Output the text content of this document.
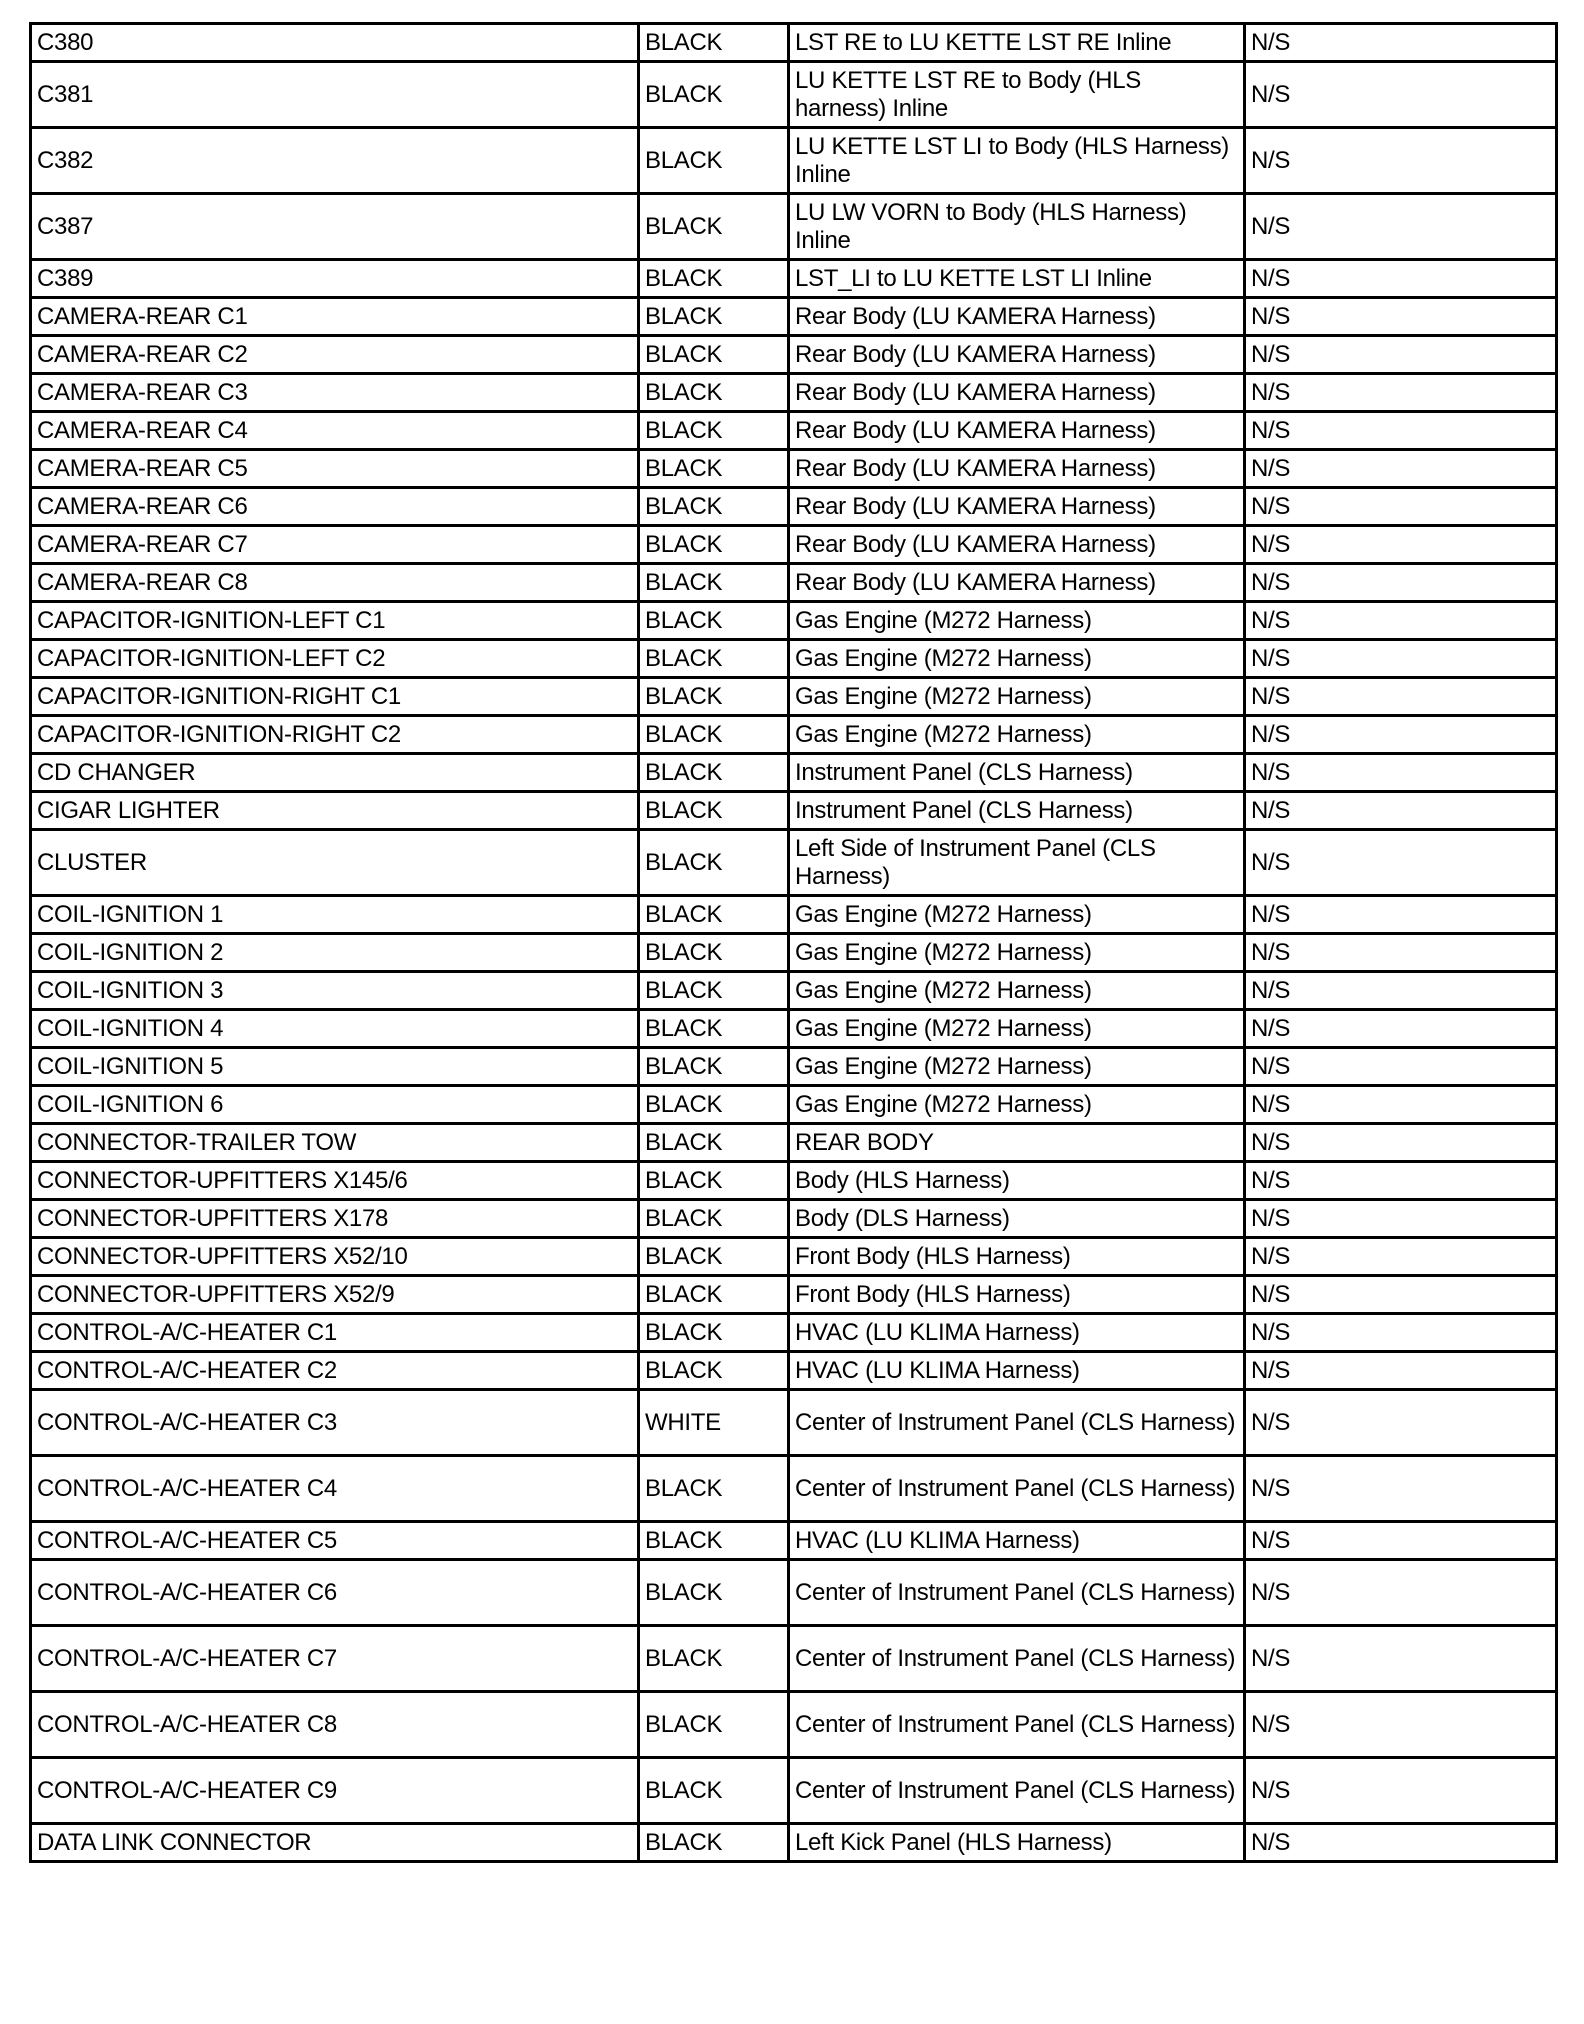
C380	BLACK	LST RE to LU KETTE LST RE Inline	N/S
C381	BLACK	LU KETTE LST RE to Body (HLS harness) Inline	N/S
C382	BLACK	LU KETTE LST LI to Body (HLS Harness) Inline	N/S
C387	BLACK	LU LW VORN to Body (HLS Harness) Inline	N/S
C389	BLACK	LST_LI to LU KETTE LST LI Inline	N/S
CAMERA-REAR C1	BLACK	Rear Body (LU KAMERA Harness)	N/S
CAMERA-REAR C2	BLACK	Rear Body (LU KAMERA Harness)	N/S
CAMERA-REAR C3	BLACK	Rear Body (LU KAMERA Harness)	N/S
CAMERA-REAR C4	BLACK	Rear Body (LU KAMERA Harness)	N/S
CAMERA-REAR C5	BLACK	Rear Body (LU KAMERA Harness)	N/S
CAMERA-REAR C6	BLACK	Rear Body (LU KAMERA Harness)	N/S
CAMERA-REAR C7	BLACK	Rear Body (LU KAMERA Harness)	N/S
CAMERA-REAR C8	BLACK	Rear Body (LU KAMERA Harness)	N/S
CAPACITOR-IGNITION-LEFT C1	BLACK	Gas Engine (M272 Harness)	N/S
CAPACITOR-IGNITION-LEFT C2	BLACK	Gas Engine (M272 Harness)	N/S
CAPACITOR-IGNITION-RIGHT C1	BLACK	Gas Engine (M272 Harness)	N/S
CAPACITOR-IGNITION-RIGHT C2	BLACK	Gas Engine (M272 Harness)	N/S
CD CHANGER	BLACK	Instrument Panel (CLS Harness)	N/S
CIGAR LIGHTER	BLACK	Instrument Panel (CLS Harness)	N/S
CLUSTER	BLACK	Left Side of Instrument Panel (CLS Harness)	N/S
COIL-IGNITION 1	BLACK	Gas Engine (M272 Harness)	N/S
COIL-IGNITION 2	BLACK	Gas Engine (M272 Harness)	N/S
COIL-IGNITION 3	BLACK	Gas Engine (M272 Harness)	N/S
COIL-IGNITION 4	BLACK	Gas Engine (M272 Harness)	N/S
COIL-IGNITION 5	BLACK	Gas Engine (M272 Harness)	N/S
COIL-IGNITION 6	BLACK	Gas Engine (M272 Harness)	N/S
CONNECTOR-TRAILER TOW	BLACK	REAR BODY	N/S
CONNECTOR-UPFITTERS X145/6	BLACK	Body (HLS Harness)	N/S
CONNECTOR-UPFITTERS X178	BLACK	Body (DLS Harness)	N/S
CONNECTOR-UPFITTERS X52/10	BLACK	Front Body (HLS Harness)	N/S
CONNECTOR-UPFITTERS X52/9	BLACK	Front Body (HLS Harness)	N/S
CONTROL-A/C-HEATER C1	BLACK	HVAC (LU KLIMA Harness)	N/S
CONTROL-A/C-HEATER C2	BLACK	HVAC (LU KLIMA Harness)	N/S
CONTROL-A/C-HEATER C3	WHITE	Center of Instrument Panel (CLS Harness)	N/S
CONTROL-A/C-HEATER C4	BLACK	Center of Instrument Panel (CLS Harness)	N/S
CONTROL-A/C-HEATER C5	BLACK	HVAC (LU KLIMA Harness)	N/S
CONTROL-A/C-HEATER C6	BLACK	Center of Instrument Panel (CLS Harness)	N/S
CONTROL-A/C-HEATER C7	BLACK	Center of Instrument Panel (CLS Harness)	N/S
CONTROL-A/C-HEATER C8	BLACK	Center of Instrument Panel (CLS Harness)	N/S
CONTROL-A/C-HEATER C9	BLACK	Center of Instrument Panel (CLS Harness)	N/S
DATA LINK CONNECTOR	BLACK	Left Kick Panel (HLS Harness)	N/S
